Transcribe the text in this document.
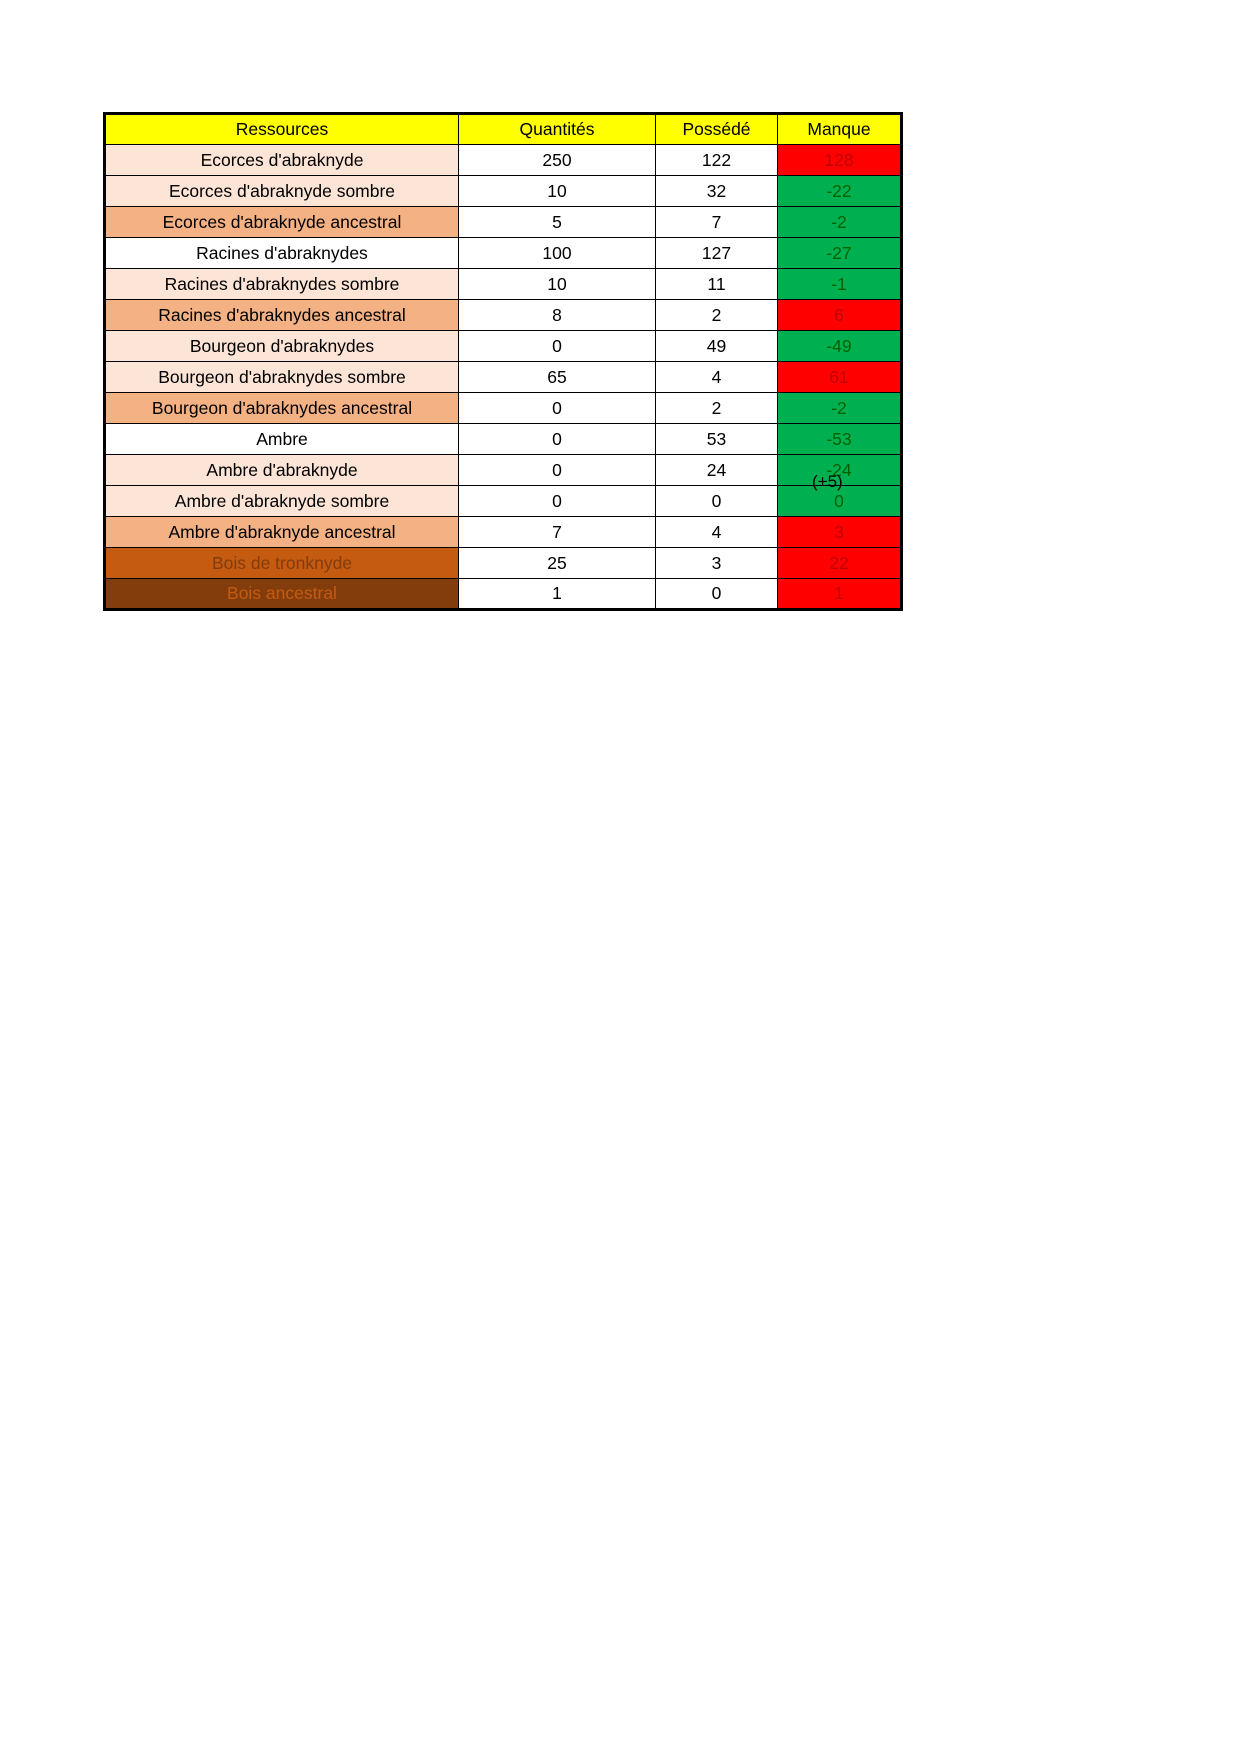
Ressources	Quantités	Possédé	Manque
Ecorces d'abraknyde	250	122	128
Ecorces d'abraknyde sombre	10	32	-22
Ecorces d'abraknyde ancestral	5	7	-2
Racines d'abraknydes	100	127	-27
Racines d'abraknydes sombre	10	11	-1
Racines d'abraknydes ancestral	8	2	6
Bourgeon d'abraknydes	0	49	-49
Bourgeon d'abraknydes sombre	65	4	61
Bourgeon d'abraknydes ancestral	0	2	-2
Ambre	0	53	-53
Ambre d'abraknyde	0	24	-24
Ambre d'abraknyde sombre	0	0	0
Ambre d'abraknyde ancestral	7	4	3
Bois de tronknyde	25	3	22
Bois ancestral	1	0	1
(+5)
